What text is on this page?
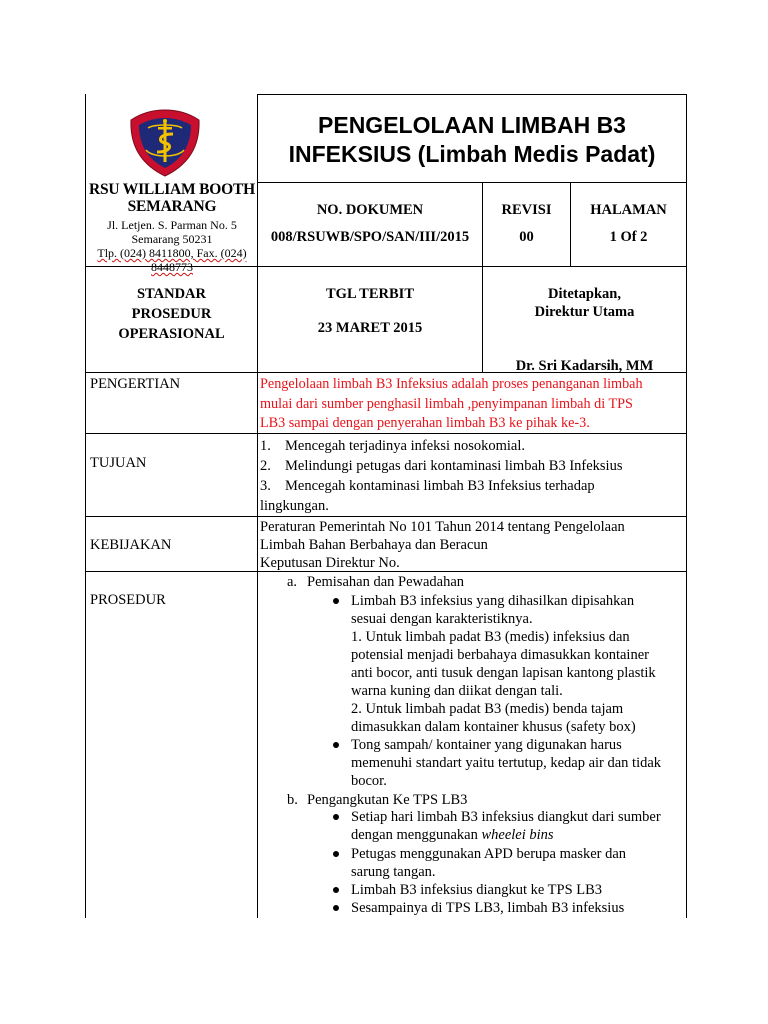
RSU WILLIAM BOOTH
SEMARANG
Jl. Letjen. S. Parman No. 5
Semarang 50231
Tlp. (024) 8411800, Fax. (024) 8448773
PENGELOLAAN LIMBAH B3
INFEKSIUS (Limbah Medis Padat)
NO. DOKUMEN
008/RSUWB/SPO/SAN/III/2015
REVISI
00
HALAMAN
1 Of 2
STANDAR
PROSEDUR
OPERASIONAL
TGL TERBIT
23 MARET 2015
Ditetapkan,
Direktur Utama
Dr. Sri Kadarsih, MM
PENGERTIAN	Pengelolaan limbah B3 Infeksius adalah proses penanganan limbah
mulai dari sumber penghasil limbah ,penyimpanan limbah di TPS
LB3 sampai dengan penyerahan limbah B3 ke pihak ke-3.
TUJUAN
1. Mencegah terjadinya infeksi nosokomial.
2. Melindungi petugas dari kontaminasi limbah B3 Infeksius
3. Mencegah kontaminasi limbah B3 Infeksius terhadap
lingkungan.
KEBIJAKAN
Peraturan Pemerintah No 101 Tahun 2014 tentang Pengelolaan
Limbah Bahan Berbahaya dan Beracun
Keputusan Direktur No.
PROSEDUR
a. Pemisahan dan Pewadahan
Limbah B3 infeksius yang dihasilkan dipisahkan
sesuai dengan karakteristiknya.
1. Untuk limbah padat B3 (medis) infeksius dan
potensial menjadi berbahaya dimasukkan kontainer
anti bocor, anti tusuk dengan lapisan kantong plastik
warna kuning dan diikat dengan tali.
2. Untuk limbah padat B3 (medis) benda tajam
dimasukkan dalam kontainer khusus (safety box)
Tong sampah/ kontainer yang digunakan harus
memenuhi standart yaitu tertutup, kedap air dan tidak
bocor.
b. Pengangkutan Ke TPS LB3
Setiap hari limbah B3 infeksius diangkut dari sumber
dengan menggunakan wheelei bins
Petugas menggunakan APD berupa masker dan
sarung tangan.
Limbah B3 infeksius diangkut ke TPS LB3
Sesampainya di TPS LB3, limbah B3 infeksius
